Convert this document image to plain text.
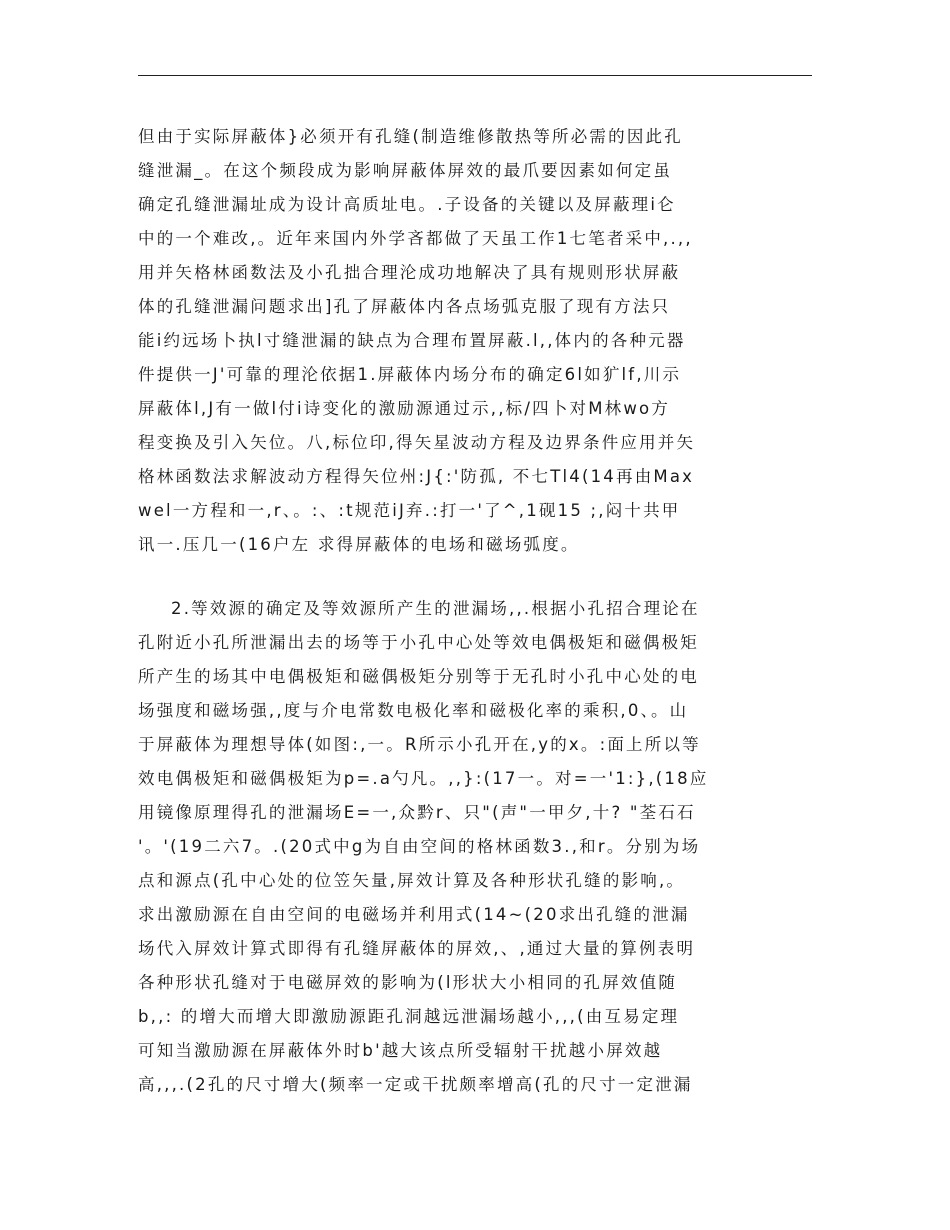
但由于实际屏蔽体}必须开有孔缝(制造维修散热等所必需的因此孔
缝泄漏_。在这个频段成为影响屏蔽体屏效的最爪要因素如何定虽
确定孔缝泄漏址成为设计高质址电。.子设备的关键以及屏蔽理i仑
中的一个难改,。近年来国内外学吝都做了天虽工作1七笔者采中,.,,
用并矢格林函数法及小孔拙合理沦成功地解决了具有规则形状屏蔽
体的孔缝泄漏问题求出]孔了屏蔽体内各点场弧克服了现有方法只
能i约远场卜执l寸缝泄漏的缺点为合理布置屏蔽.l,,体内的各种元器
件提供一J'可靠的理沦依据1.屏蔽体内场分布的确定6l如犷lf,川示
屏蔽体l,J有一做l付i诗变化的激励源通过示,,标/四卜对M林wo方
程变换及引入矢位。八,标位印,得矢星波动方程及边界条件应用并矢
格林函数法求解波动方程得矢位州:J{:'防孤, 不七Tl4(14再由Max
wel一方程和一,r、。:、:t规范iJ弃.:打一'了^,1砚15 ;,闷十共甲
讯一.压几一(16户左 求得屏蔽体的电场和磁场弧度。
2.等效源的确定及等效源所产生的泄漏场,,.根据小孔招合理论在
孔附近小孔所泄漏出去的场等于小孔中心处等效电偶极矩和磁偶极矩
所产生的场其中电偶极矩和磁偶极矩分别等于无孔时小孔中心处的电
场强度和磁场强,,度与介电常数电极化率和磁极化率的乘积,0、。山
于屏蔽体为理想导体(如图:,一。R所示小孔开在,y的x。:面上所以等
效电偶极矩和磁偶极矩为p=.a勺凡。,,}:(17一。对=一'1:},(18应
用镜像原理得孔的泄漏场E=一,众黔r、只"(声"一甲夕,十? "荃石石
'。'(19二六7。.(20式中g为自由空间的格林函数3.,和r。分别为场
点和源点(孔中心处的位笠矢量,屏效计算及各种形状孔缝的影响,。
求出激励源在自由空间的电磁场并利用式(14~(20求出孔缝的泄漏
场代入屏效计算式即得有孔缝屏蔽体的屏效,、,通过大量的算例表明
各种形状孔缝对于电磁屏效的影响为(l形状大小相同的孔屏效值随
b,,: 的增大而增大即激励源距孔洞越远泄漏场越小,,,(由互易定理
可知当激励源在屏蔽体外时b'越大该点所受辐射干扰越小屏效越
高,,,.(2孔的尺寸增大(频率一定或干扰颇率增高(孔的尺寸一定泄漏
